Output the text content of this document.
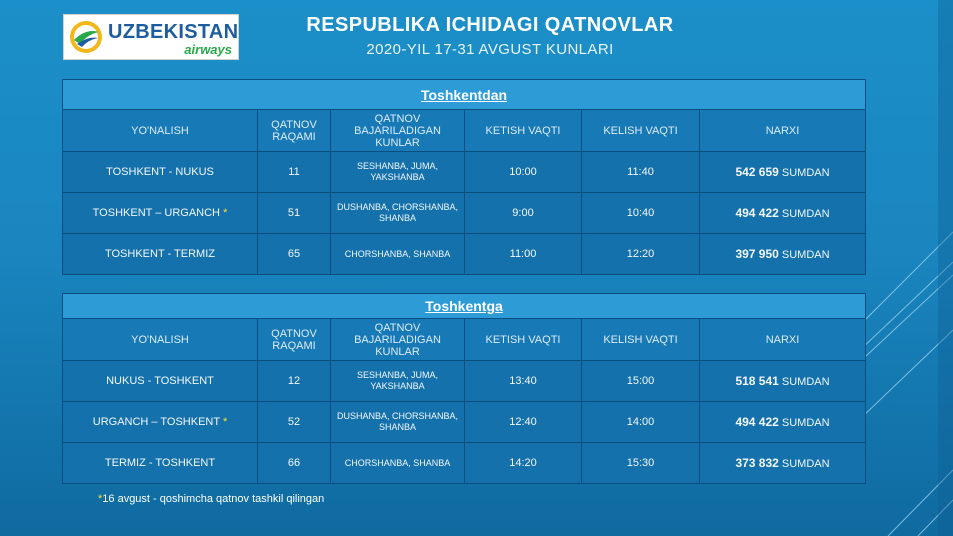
UZBEKISTAN
airways
RESPUBLIKA ICHIDAGI QATNOVLAR
2020-YIL 17-31 AVGUST KUNLARI
Toshkentdan					
YO'NALISH	QATNOV RAQAMI	QATNOV BAJARILADIGAN KUNLAR	KETISH VAQTI	KELISH VAQTI	NARXI
TOSHKENT - NUKUS	11	SESHANBA, JUMA, YAKSHANBA	10:00	11:40	542 659 SUMDAN
TOSHKENT – URGANCH *	51	DUSHANBA, CHORSHANBA, SHANBA	9:00	10:40	494 422 SUMDAN
TOSHKENT - TERMIZ	65	CHORSHANBA, SHANBA	11:00	12:20	397 950 SUMDAN
Toshkentga					
YO'NALISH	QATNOV RAQAMI	QATNOV BAJARILADIGAN KUNLAR	KETISH VAQTI	KELISH VAQTI	NARXI
NUKUS - TOSHKENT	12	SESHANBA, JUMA, YAKSHANBA	13:40	15:00	518 541 SUMDAN
URGANCH – TOSHKENT *	52	DUSHANBA, CHORSHANBA, SHANBA	12:40	14:00	494 422 SUMDAN
TERMIZ - TOSHKENT	66	CHORSHANBA, SHANBA	14:20	15:30	373 832 SUMDAN
*16 avgust - qoshimcha qatnov tashkil qilingan
